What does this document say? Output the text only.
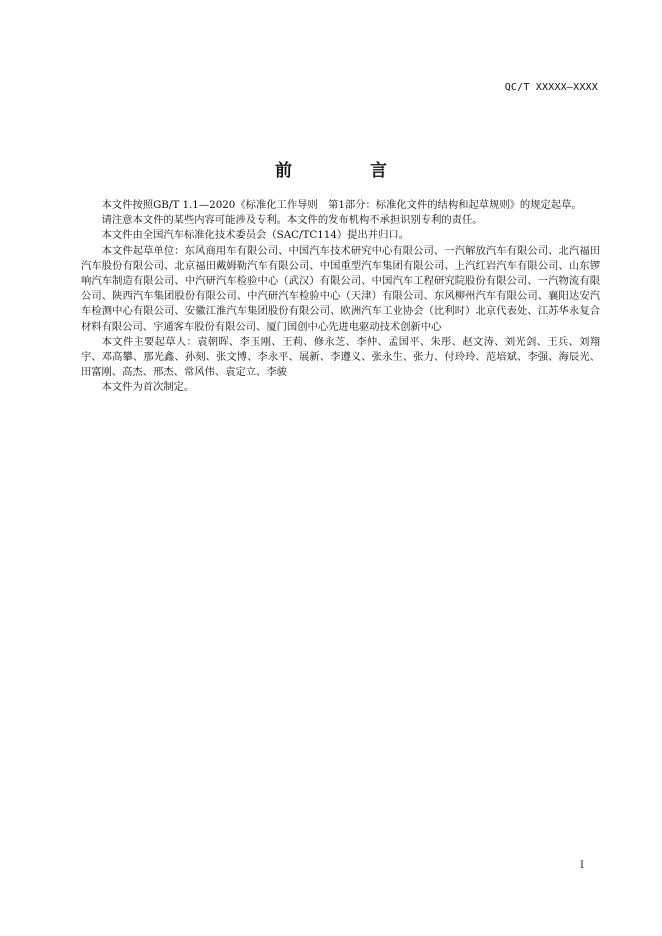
QC/T XXXXX—XXXX
前 言

本文件按照GB/T 1.1—2020《标准化工作导则　第1部分：标准化文件的结构和起草规则》的规定起草。

请注意本文件的某些内容可能涉及专利。本文件的发布机构不承担识别专利的责任。

本文件由全国汽车标准化技术委员会（SAC/TC114）提出并归口。

本文件起草单位：东风商用车有限公司、中国汽车技术研究中心有限公司、一汽解放汽车有限公司、北汽福田汽车股份有限公司、北京福田戴姆勒汽车有限公司、中国重型汽车集团有限公司、上汽红岩汽车有限公司、山东锣响汽车制造有限公司、中汽研汽车检验中心（武汉）有限公司、中国汽车工程研究院股份有限公司、一汽物流有限公司、陕西汽车集团股份有限公司、中汽研汽车检验中心（天津）有限公司、东风柳州汽车有限公司、襄阳达安汽车检测中心有限公司、安徽江淮汽车集团股份有限公司、欧洲汽车工业协会（比利时）北京代表处、江苏华永复合材料有限公司、宇通客车股份有限公司、厦门国创中心先进电驱动技术创新中心

本文件主要起草人：袁朝晖、李玉刚、王莉、修永芝、李仲、孟国平、朱彤、赵文涛、刘光剑、王兵、刘翔宇、邓高攀、那光鑫、孙刻、张文博、李永平、展新、李遵义、张永生、张力、付玲玲、范培斌、李强、海辰光、田富刚、高杰、邢杰、常风伟、袁定立、李骏

本文件为首次制定。

I
